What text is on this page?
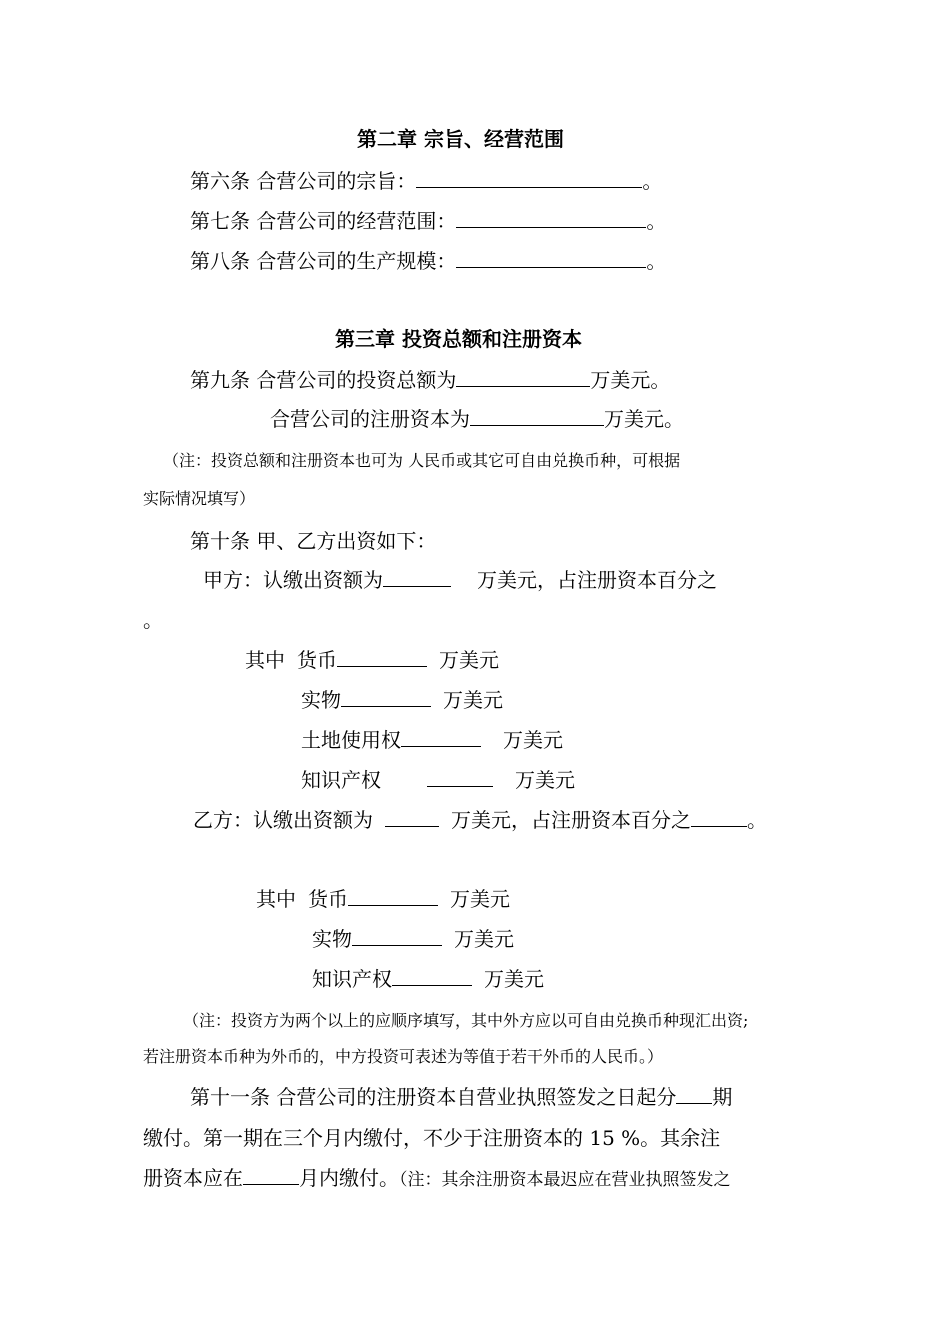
第二章 宗旨、经营范围
第六条 合营公司的宗旨：	。
第七条 合营公司的经营范围：	。
第八条 合营公司的生产规模：	。
第三章 投资总额和注册资本
第九条 合营公司的投资总额为	万美元。
合营公司的注册资本为	万美元。
（注：投资总额和注册资本也可为 人民币或其它可自由兑换币种，可根据
实际情况填写）
第十条 甲、乙方出资如下：
甲方：认缴出资额为	万美元，占注册资本百分之
。
其中 货币	万美元
实物	万美元
土地使用权	万美元
知识产权	万美元
乙方：认缴出资额为	万美元，占注册资本百分之	。
其中 货币	万美元
实物	万美元
知识产权	万美元
（注：投资方为两个以上的应顺序填写，其中外方应以可自由兑换币种现汇出资;
若注册资本币种为外币的，中方投资可表述为等值于若干外币的人民币。）
第十一条 合营公司的注册资本自营业执照签发之日起分 期
缴付。第一期在三个月内缴付，不少于注册资本的 15 %。其余注
册资本应在	月内缴付。（注：其余注册资本最迟应在营业执照签发之
